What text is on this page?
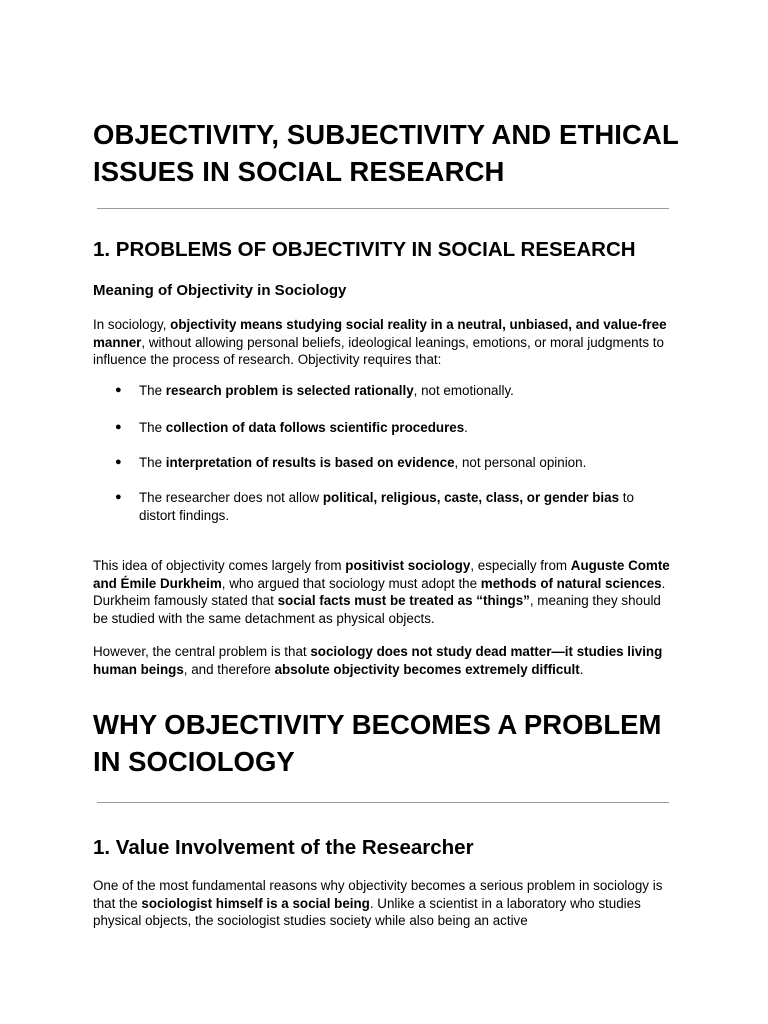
OBJECTIVITY, SUBJECTIVITY AND ETHICAL ISSUES IN SOCIAL RESEARCH
1. PROBLEMS OF OBJECTIVITY IN SOCIAL RESEARCH
Meaning of Objectivity in Sociology

In sociology, objectivity means studying social reality in a neutral, unbiased, and value-free manner, without allowing personal beliefs, ideological leanings, emotions, or moral judgments to influence the process of research. Objectivity requires that:

● The research problem is selected rationally, not emotionally.
● The collection of data follows scientific procedures.
● The interpretation of results is based on evidence, not personal opinion.
● The researcher does not allow political, religious, caste, class, or gender bias to distort findings.

This idea of objectivity comes largely from positivist sociology, especially from Auguste Comte and Émile Durkheim, who argued that sociology must adopt the methods of natural sciences. Durkheim famously stated that social facts must be treated as “things”, meaning they should be studied with the same detachment as physical objects.

However, the central problem is that sociology does not study dead matter—it studies living human beings, and therefore absolute objectivity becomes extremely difficult.

WHY OBJECTIVITY BECOMES A PROBLEM IN SOCIOLOGY
1. Value Involvement of the Researcher

One of the most fundamental reasons why objectivity becomes a serious problem in sociology is that the sociologist himself is a social being. Unlike a scientist in a laboratory who studies physical objects, the sociologist studies society while also being an active
